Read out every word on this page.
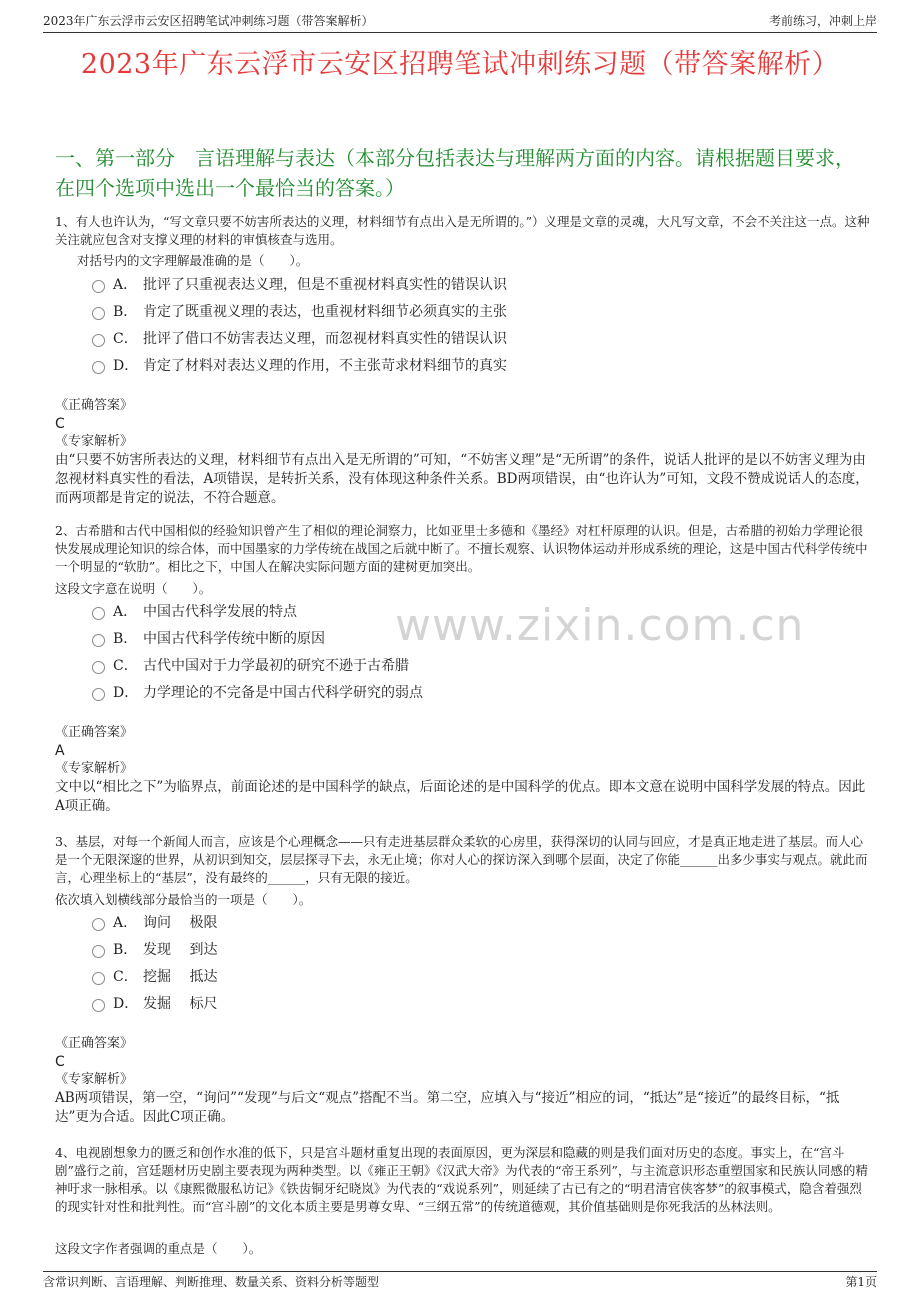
2023年广东云浮市云安区招聘笔试冲刺练习题（带答案解析）	考前练习，冲刺上岸
2023年广东云浮市云安区招聘笔试冲刺练习题（带答案解析）
一、第一部分　言语理解与表达（本部分包括表达与理解两方面的内容。请根据题目要求，在四个选项中选出一个最恰当的答案。）
www.zixin.com.cn
1、有人也许认为，“写文章只要不妨害所表达的义理，材料细节有点出入是无所谓的。”）义理是文章的灵魂，大凡写文章，不会不关注这一点。这种关注就应包含对支撑义理的材料的审慎核查与选用。
对括号内的文字理解最准确的是（　　）。
A． 批评了只重视表达义理，但是不重视材料真实性的错误认识
B． 肯定了既重视义理的表达，也重视材料细节必须真实的主张
C． 批评了借口不妨害表达义理，而忽视材料真实性的错误认识
D． 肯定了材料对表达义理的作用，不主张苛求材料细节的真实
《正确答案》
C
《专家解析》
由“只要不妨害所表达的义理，材料细节有点出入是无所谓的”可知，“不妨害义理”是“无所谓”的条件，说话人批评的是以不妨害义理为由忽视材料真实性的看法，A项错误，是转折关系，没有体现这种条件关系。BD两项错误，由“也许认为”可知，文段不赞成说话人的态度，而两项都是肯定的说法，不符合题意。
2、古希腊和古代中国相似的经验知识曾产生了相似的理论洞察力，比如亚里士多德和《墨经》对杠杆原理的认识。但是，古希腊的初始力学理论很快发展成理论知识的综合体，而中国墨家的力学传统在战国之后就中断了。不擅长观察、认识物体运动并形成系统的理论，这是中国古代科学传统中一个明显的“软肋”。相比之下，中国人在解决实际问题方面的建树更加突出。
这段文字意在说明（　　）。
A． 中国古代科学发展的特点
B． 中国古代科学传统中断的原因
C． 古代中国对于力学最初的研究不逊于古希腊
D． 力学理论的不完备是中国古代科学研究的弱点
《正确答案》
A
《专家解析》
文中以“相比之下”为临界点，前面论述的是中国科学的缺点，后面论述的是中国科学的优点。即本文意在说明中国科学发展的特点。因此A项正确。
3、基层，对每一个新闻人而言，应该是个心理概念——只有走进基层群众柔软的心房里，获得深切的认同与回应，才是真正地走进了基层。而人心是一个无限深邃的世界，从初识到知交，层层探寻下去，永无止境；你对人心的探访深入到哪个层面，决定了你能______出多少事实与观点。就此而言，心理坐标上的“基层”，没有最终的______，只有无限的接近。
依次填入划横线部分最恰当的一项是（　　）。
A． 询问　 极限
B． 发现　 到达
C． 挖掘　 抵达
D． 发掘　 标尺
《正确答案》
C
《专家解析》
AB两项错误，第一空，“询问”“发现”与后文“观点”搭配不当。第二空，应填入与“接近”相应的词，“抵达”是“接近”的最终目标，“抵达”更为合适。因此C项正确。
4、电视剧想象力的匮乏和创作水准的低下，只是宫斗题材重复出现的表面原因，更为深层和隐藏的则是我们面对历史的态度。事实上，在“宫斗剧”盛行之前，宫廷题材历史剧主要表现为两种类型。以《雍正王朝》《汉武大帝》为代表的“帝王系列”，与主流意识形态重塑国家和民族认同感的精神吁求一脉相承。以《康熙微服私访记》《铁齿铜牙纪晓岚》为代表的“戏说系列”，则延续了古已有之的“明君清官侠客梦”的叙事模式，隐含着强烈的现实针对性和批判性。而“宫斗剧”的文化本质主要是男尊女卑、“三纲五常”的传统道德观，其价值基础则是你死我活的丛林法则。
这段文字作者强调的重点是（　　）。
含常识判断、言语理解、判断推理、数量关系、资料分析等题型	第1页
